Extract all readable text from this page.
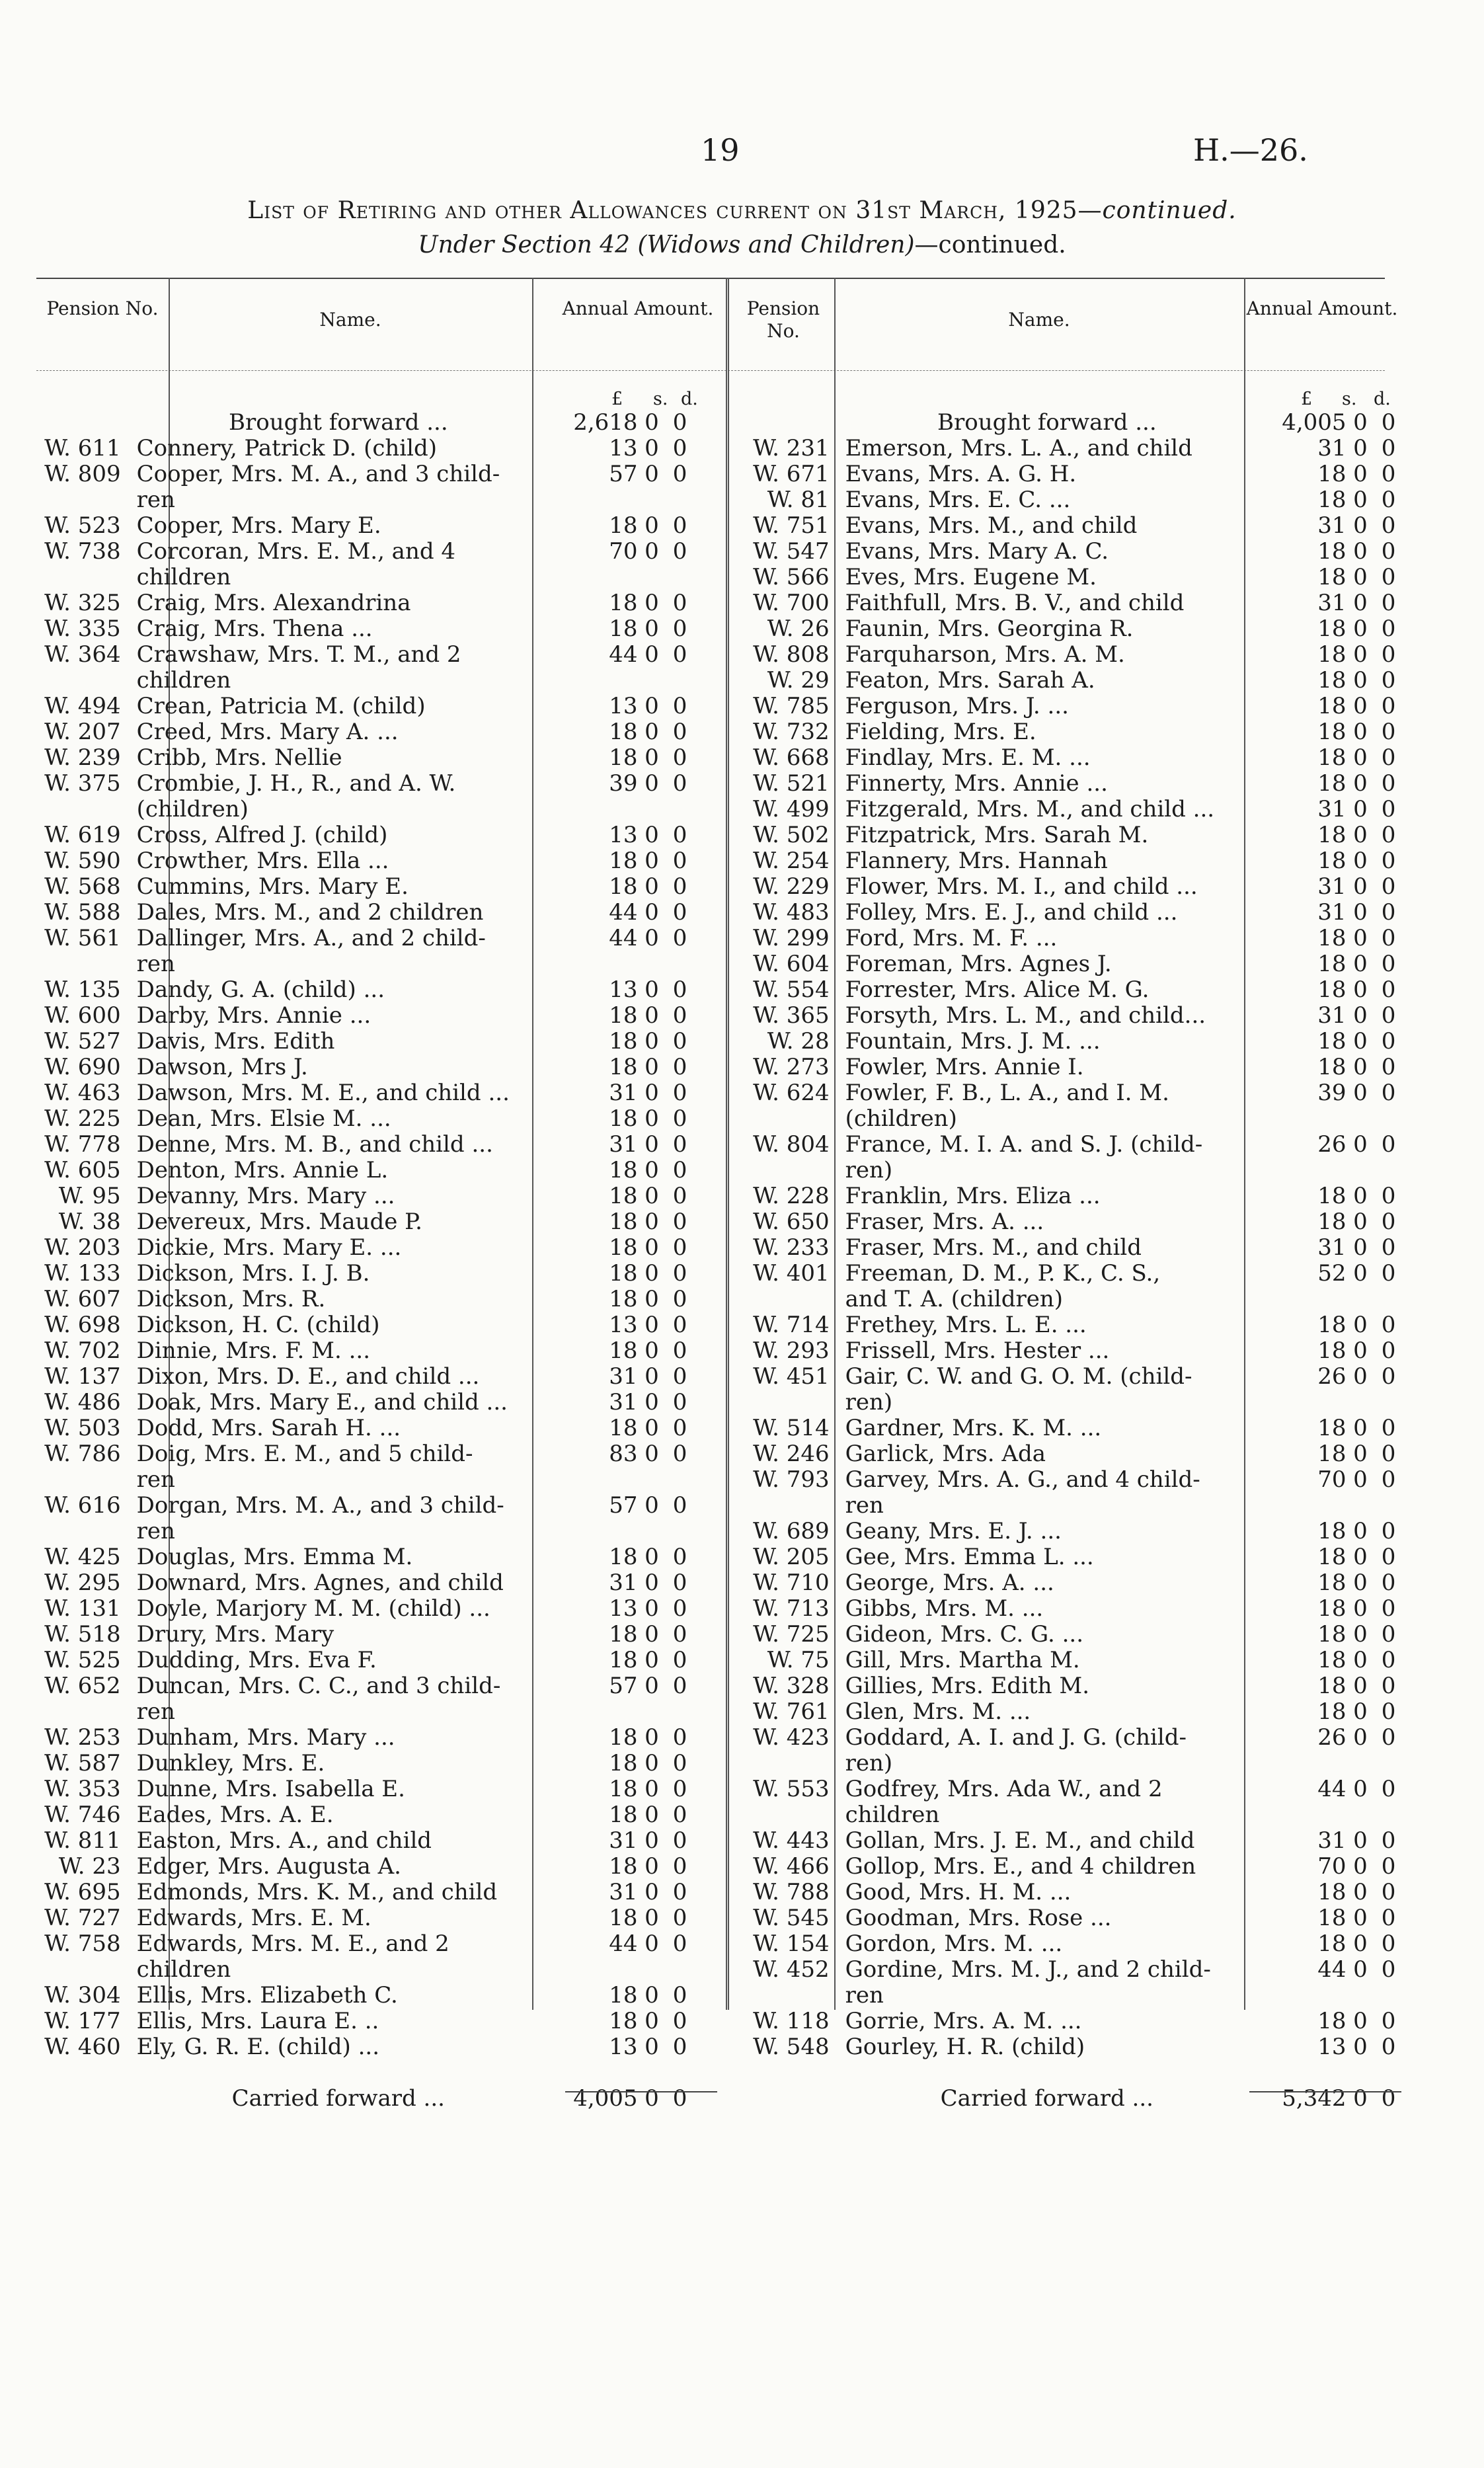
19	H.—26.
List of Retiring and other Allowances current on 31st March, 1925—continued.
Under Section 42 (Widows and Children)—continued.
Pension No.
Name.
Annual Amount.	Pension No.
Name.
Annual Amount.
£ s. d.	£ s. d.
	Brought forward ...	2,618	0	0
W. 611	Connery, Patrick D. (child)	13	0	0
W. 809	Cooper, Mrs. M. A., and 3 child-	57	0	0
	ren			
W. 523	Cooper, Mrs. Mary E.	18	0	0
W. 738	Corcoran, Mrs. E. M., and 4	70	0	0
	children			
W. 325	Craig, Mrs. Alexandrina	18	0	0
W. 335	Craig, Mrs. Thena ...	18	0	0
W. 364	Crawshaw, Mrs. T. M., and 2	44	0	0
	children			
W. 494	Crean, Patricia M. (child)	13	0	0
W. 207	Creed, Mrs. Mary A. ...	18	0	0
W. 239	Cribb, Mrs. Nellie	18	0	0
W. 375	Crombie, J. H., R., and A. W.	39	0	0
	(children)			
W. 619	Cross, Alfred J. (child)	13	0	0
W. 590	Crowther, Mrs. Ella ...	18	0	0
W. 568	Cummins, Mrs. Mary E.	18	0	0
W. 588	Dales, Mrs. M., and 2 children	44	0	0
W. 561	Dallinger, Mrs. A., and 2 child-	44	0	0
	ren			
W. 135	Dandy, G. A. (child) ...	13	0	0
W. 600	Darby, Mrs. Annie ...	18	0	0
W. 527	Davis, Mrs. Edith	18	0	0
W. 690	Dawson, Mrs J.	18	0	0
W. 463	Dawson, Mrs. M. E., and child ...	31	0	0
W. 225	Dean, Mrs. Elsie M. ...	18	0	0
W. 778	Denne, Mrs. M. B., and child ...	31	0	0
W. 605	Denton, Mrs. Annie L.	18	0	0
W. 95	Devanny, Mrs. Mary ...	18	0	0
W. 38	Devereux, Mrs. Maude P.	18	0	0
W. 203	Dickie, Mrs. Mary E. ...	18	0	0
W. 133	Dickson, Mrs. I. J. B.	18	0	0
W. 607	Dickson, Mrs. R.	18	0	0
W. 698	Dickson, H. C. (child)	13	0	0
W. 702	Dinnie, Mrs. F. M. ...	18	0	0
W. 137	Dixon, Mrs. D. E., and child ...	31	0	0
W. 486	Doak, Mrs. Mary E., and child ...	31	0	0
W. 503	Dodd, Mrs. Sarah H. ...	18	0	0
W. 786	Doig, Mrs. E. M., and 5 child-	83	0	0
	ren			
W. 616	Dorgan, Mrs. M. A., and 3 child-	57	0	0
	ren			
W. 425	Douglas, Mrs. Emma M.	18	0	0
W. 295	Downard, Mrs. Agnes, and child	31	0	0
W. 131	Doyle, Marjory M. M. (child) ...	13	0	0
W. 518	Drury, Mrs. Mary	18	0	0
W. 525	Dudding, Mrs. Eva F.	18	0	0
W. 652	Duncan, Mrs. C. C., and 3 child-	57	0	0
	ren			
W. 253	Dunham, Mrs. Mary ...	18	0	0
W. 587	Dunkley, Mrs. E.	18	0	0
W. 353	Dunne, Mrs. Isabella E.	18	0	0
W. 746	Eades, Mrs. A. E.	18	0	0
W. 811	Easton, Mrs. A., and child	31	0	0
W. 23	Edger, Mrs. Augusta A.	18	0	0
W. 695	Edmonds, Mrs. K. M., and child	31	0	0
W. 727	Edwards, Mrs. E. M.	18	0	0
W. 758	Edwards, Mrs. M. E., and 2	44	0	0
	children			
W. 304	Ellis, Mrs. Elizabeth C.	18	0	0
W. 177	Ellis, Mrs. Laura E. ..	18	0	0
W. 460	Ely, G. R. E. (child) ...	13	0	0

	Carried forward ...	4,005	0	0
	Brought forward ...	4,005	0	0
W. 231	Emerson, Mrs. L. A., and child	31	0	0
W. 671	Evans, Mrs. A. G. H.	18	0	0
W. 81	Evans, Mrs. E. C. ...	18	0	0
W. 751	Evans, Mrs. M., and child	31	0	0
W. 547	Evans, Mrs. Mary A. C.	18	0	0
W. 566	Eves, Mrs. Eugene M.	18	0	0
W. 700	Faithfull, Mrs. B. V., and child	31	0	0
W. 26	Faunin, Mrs. Georgina R.	18	0	0
W. 808	Farquharson, Mrs. A. M.	18	0	0
W. 29	Featon, Mrs. Sarah A.	18	0	0
W. 785	Ferguson, Mrs. J. ...	18	0	0
W. 732	Fielding, Mrs. E.	18	0	0
W. 668	Findlay, Mrs. E. M. ...	18	0	0
W. 521	Finnerty, Mrs. Annie ...	18	0	0
W. 499	Fitzgerald, Mrs. M., and child ...	31	0	0
W. 502	Fitzpatrick, Mrs. Sarah M.	18	0	0
W. 254	Flannery, Mrs. Hannah	18	0	0
W. 229	Flower, Mrs. M. I., and child ...	31	0	0
W. 483	Folley, Mrs. E. J., and child ...	31	0	0
W. 299	Ford, Mrs. M. F. ...	18	0	0
W. 604	Foreman, Mrs. Agnes J.	18	0	0
W. 554	Forrester, Mrs. Alice M. G.	18	0	0
W. 365	Forsyth, Mrs. L. M., and child...	31	0	0
W. 28	Fountain, Mrs. J. M. ...	18	0	0
W. 273	Fowler, Mrs. Annie I.	18	0	0
W. 624	Fowler, F. B., L. A., and I. M.	39	0	0
	(children)			
W. 804	France, M. I. A. and S. J. (child-	26	0	0
	ren)			
W. 228	Franklin, Mrs. Eliza ...	18	0	0
W. 650	Fraser, Mrs. A. ...	18	0	0
W. 233	Fraser, Mrs. M., and child	31	0	0
W. 401	Freeman, D. M., P. K., C. S.,	52	0	0
	and T. A. (children)			
W. 714	Frethey, Mrs. L. E. ...	18	0	0
W. 293	Frissell, Mrs. Hester ...	18	0	0
W. 451	Gair, C. W. and G. O. M. (child-	26	0	0
	ren)			
W. 514	Gardner, Mrs. K. M. ...	18	0	0
W. 246	Garlick, Mrs. Ada	18	0	0
W. 793	Garvey, Mrs. A. G., and 4 child-	70	0	0
	ren			
W. 689	Geany, Mrs. E. J. ...	18	0	0
W. 205	Gee, Mrs. Emma L. ...	18	0	0
W. 710	George, Mrs. A. ...	18	0	0
W. 713	Gibbs, Mrs. M. ...	18	0	0
W. 725	Gideon, Mrs. C. G. ...	18	0	0
W. 75	Gill, Mrs. Martha M.	18	0	0
W. 328	Gillies, Mrs. Edith M.	18	0	0
W. 761	Glen, Mrs. M. ...	18	0	0
W. 423	Goddard, A. I. and J. G. (child-	26	0	0
	ren)			
W. 553	Godfrey, Mrs. Ada W., and 2	44	0	0
	children			
W. 443	Gollan, Mrs. J. E. M., and child	31	0	0
W. 466	Gollop, Mrs. E., and 4 children	70	0	0
W. 788	Good, Mrs. H. M. ...	18	0	0
W. 545	Goodman, Mrs. Rose ...	18	0	0
W. 154	Gordon, Mrs. M. ...	18	0	0
W. 452	Gordine, Mrs. M. J., and 2 child-	44	0	0
	ren			
W. 118	Gorrie, Mrs. A. M. ...	18	0	0
W. 548	Gourley, H. R. (child)	13	0	0

	Carried forward ...	5,342	0	0
